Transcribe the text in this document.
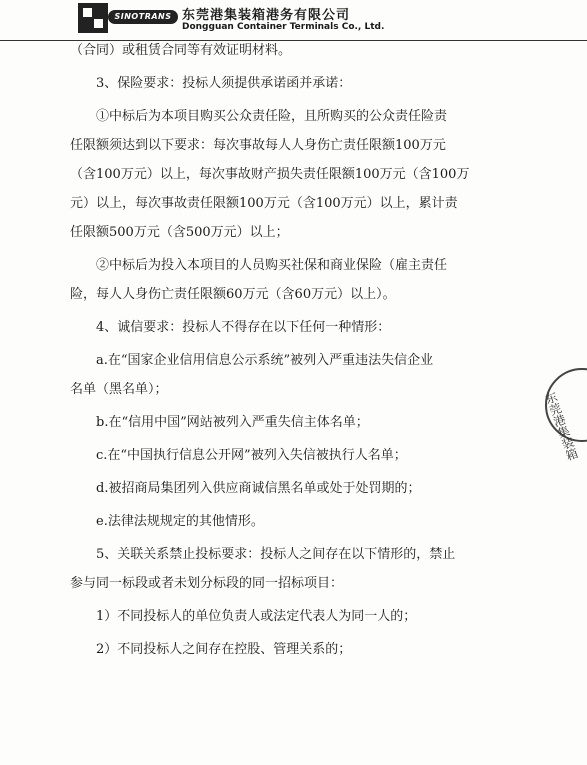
SINOTRANS 东莞港集装箱港务有限公司
Dongguan Container Terminals Co., Ltd.
（合同）或租赁合同等有效证明材料。
3、保险要求：投标人须提供承诺函并承诺：
①中标后为本项目购买公众责任险，且所购买的公众责任险责
任限额须达到以下要求：每次事故每人人身伤亡责任限额100万元
（含100万元）以上，每次事故财产损失责任限额100万元（含100万
元）以上，每次事故责任限额100万元（含100万元）以上，累计责
任限额500万元（含500万元）以上；
②中标后为投入本项目的人员购买社保和商业保险（雇主责任
险，每人人身伤亡责任限额60万元（含60万元）以上）。
4、诚信要求：投标人不得存在以下任何一种情形：
a.在“国家企业信用信息公示系统”被列入严重违法失信企业
名单（黑名单）；
b.在“信用中国”网站被列入严重失信主体名单；
c.在“中国执行信息公开网”被列入失信被执行人名单；
d.被招商局集团列入供应商诚信黑名单或处于处罚期的；
e.法律法规规定的其他情形。
5、关联关系禁止投标要求：投标人之间存在以下情形的，禁止
参与同一标段或者未划分标段的同一招标项目：
1）不同投标人的单位负责人或法定代表人为同一人的；
2）不同投标人之间存在控股、管理关系的；
东莞港集装箱
